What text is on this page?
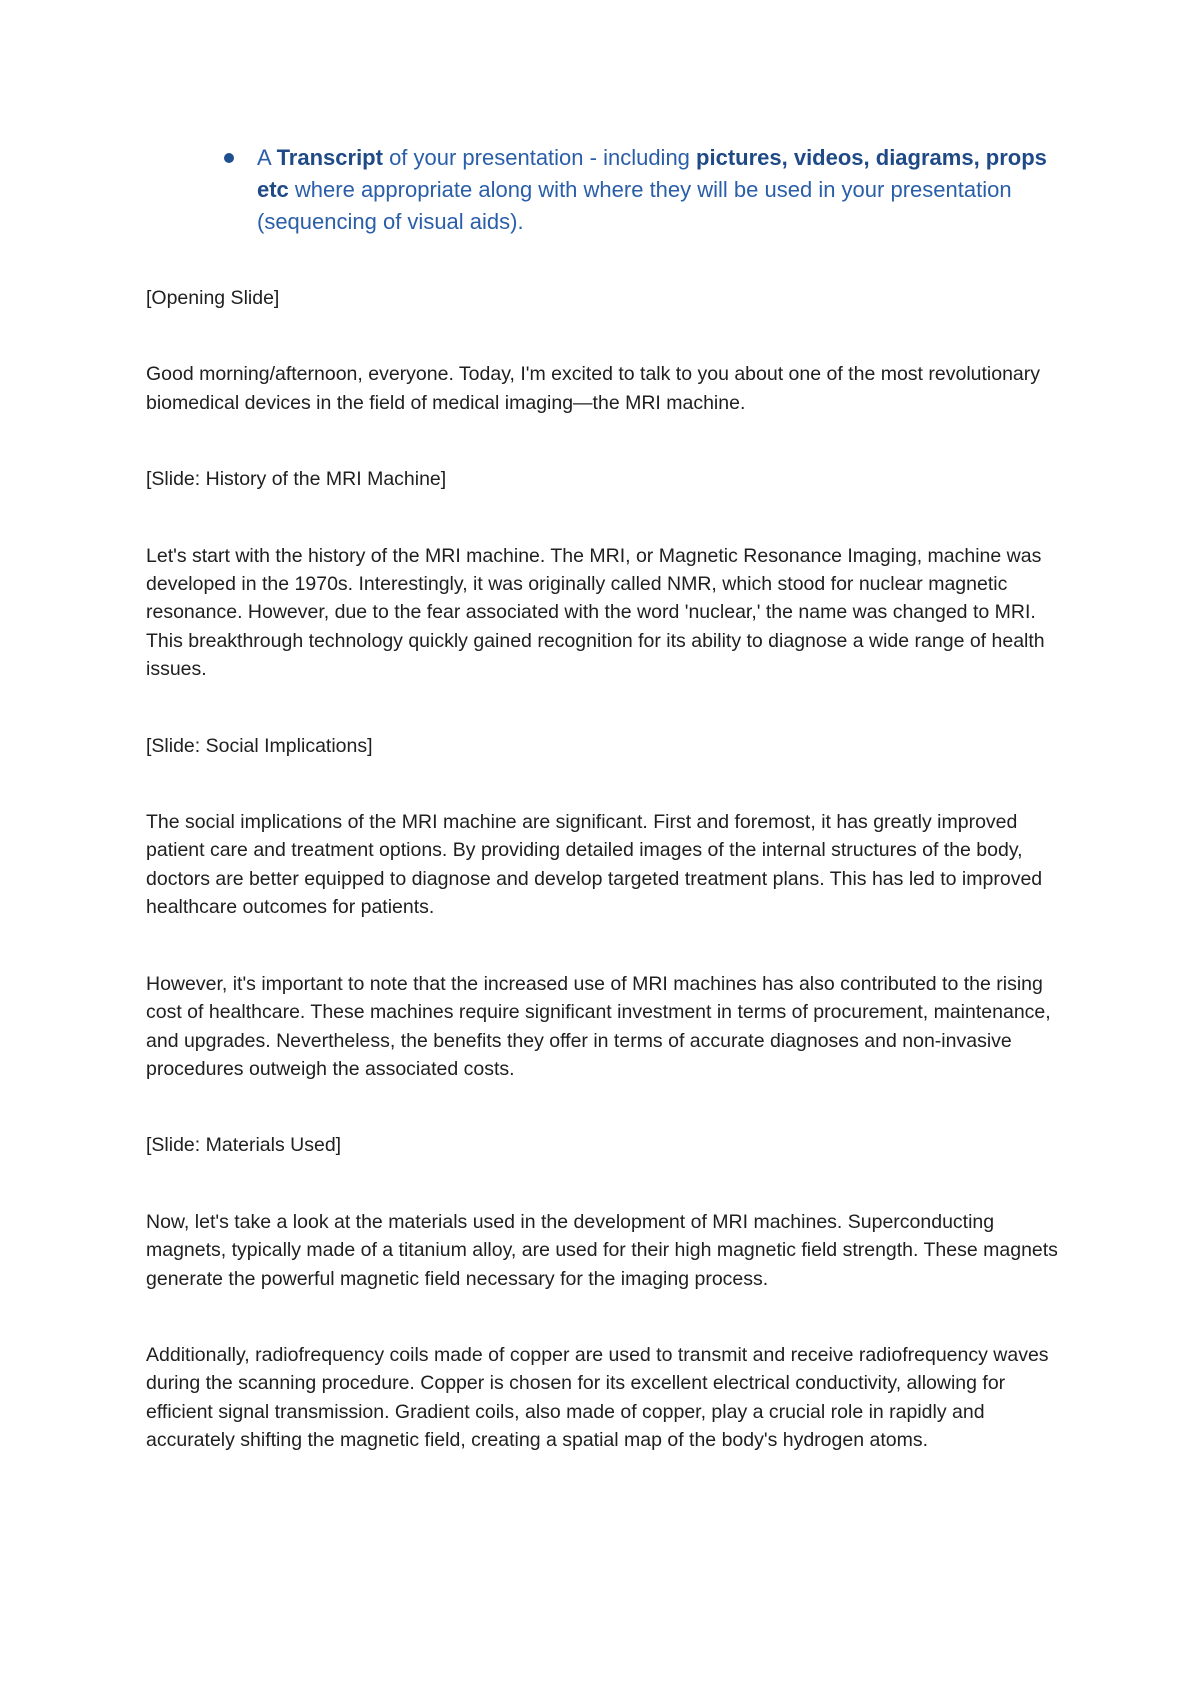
A Transcript of your presentation - including pictures, videos, diagrams, props etc where appropriate along with where they will be used in your presentation (sequencing of visual aids).

[Opening Slide]

Good morning/afternoon, everyone. Today, I'm excited to talk to you about one of the most revolutionary biomedical devices in the field of medical imaging—the MRI machine.

[Slide: History of the MRI Machine]

Let's start with the history of the MRI machine. The MRI, or Magnetic Resonance Imaging, machine was developed in the 1970s. Interestingly, it was originally called NMR, which stood for nuclear magnetic resonance. However, due to the fear associated with the word 'nuclear,' the name was changed to MRI. This breakthrough technology quickly gained recognition for its ability to diagnose a wide range of health issues.

[Slide: Social Implications]

The social implications of the MRI machine are significant. First and foremost, it has greatly improved patient care and treatment options. By providing detailed images of the internal structures of the body, doctors are better equipped to diagnose and develop targeted treatment plans. This has led to improved healthcare outcomes for patients.

However, it's important to note that the increased use of MRI machines has also contributed to the rising cost of healthcare. These machines require significant investment in terms of procurement, maintenance, and upgrades. Nevertheless, the benefits they offer in terms of accurate diagnoses and non-invasive procedures outweigh the associated costs.

[Slide: Materials Used]

Now, let's take a look at the materials used in the development of MRI machines. Superconducting magnets, typically made of a titanium alloy, are used for their high magnetic field strength. These magnets generate the powerful magnetic field necessary for the imaging process.

Additionally, radiofrequency coils made of copper are used to transmit and receive radiofrequency waves during the scanning procedure. Copper is chosen for its excellent electrical conductivity, allowing for efficient signal transmission. Gradient coils, also made of copper, play a crucial role in rapidly and accurately shifting the magnetic field, creating a spatial map of the body's hydrogen atoms.
